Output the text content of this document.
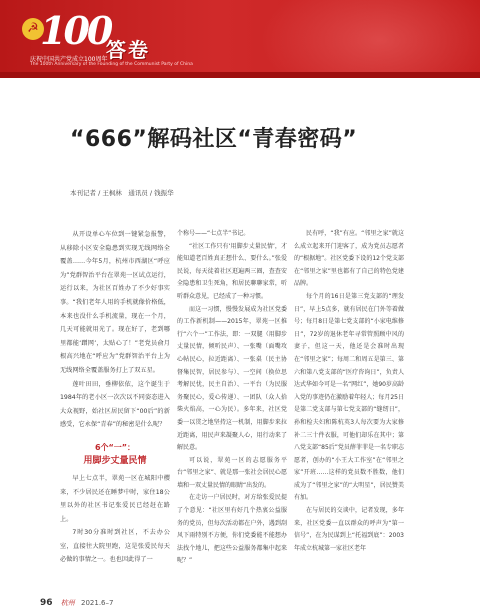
☭ 100
庆祝中国共产党成立100周年
The 100th Anniversary of the Founding of the Communist Party of China
答卷
“666”解码社区“青春密码”
本刊记者 / 王枫林　通讯员 / 钱振华

从开设单心车位到一键紧急报警，从移除小区安全隐患到实现无线网络全覆盖……今年5月，杭州市西湖区“呼应为”党群智治平台在翠苑一区试点运行，运行以来，为社区百姓办了不少好事实事。“我们老年人用的手机就像价格低，本来也没什么手机流量，现在一个月，几天可能就用光了。现在好了，老到哪里都能‘蹭网’，太贴心了！”老党员俞月根高兴地在“呼应为”党群智治平台上为无线网络全覆盖服务打上了双五星。

莲叶田田，垂柳依依，这个诞生于1984年的老小区一次次以不同姿态进入大众视野，始社区居民留下“00后”的新感受，它永保“青春”的秘密是什么呢？

6个“一”：
用脚步丈量民情

早上七点半，翠苑一区在城阳中樱来，不少居民还在睡梦中时，家住18公里以外的社区书记张爱民已经赶在路上。

7时30分准时到社区，不去办公室，直接往大院里跑，这是张爱民每天必做的事情之一。也也因此得了一

个称号——“七点半”书记。

“社区工作只有‘用脚步丈量民情’，才能知道老百姓真正想什么、要什么。”张爱民说，每天徒着社区逛遍两三圈，查查安全隐患和卫生死角，和居民聊聊家常，听听群众意见，已经成了一种习惯。

而这一习惯，慢慢发展成为社区党委的工作新机制——2015年，翠苑一区推行“六个一”工作法，即：一双腿（用脚步丈量民情，倾听民声）、一张嘴（面嘴攻心帖民心，拉近距离）、一张桌（民主协督集民智，居民参与）、一空间（换位思考解民忧，民主自治）、一平台（为民服务聚民心，爱心传递）、一团队（众人拾柴火焰高，一心为民）。多年来，社区党委一以贯之地坚持这一机制，用脚步来拉近距离，用民声来凝聚人心，用行动来了解民意。

可以说，翠苑一区的志愿服务平台“邻里之家”、就是那一张社会居民心愿墙和一双丈量民情的眼睛“出发的。

在走访一户居民时，对方给张爱民提了个意见：“社区里有好几个热衷公益服务的党员，但每次活动都在户外，遇到刮风下雨特别不方便，你们党委能不能想办法找个地儿，把这些公益服务都集中起来呢？”

民有呼，“我”有应。“邻里之家”就这么成立起来开门迎客了，成为党员志愿者的“根据地”。社区党委下设的12个党支部在“邻里之家”里也都有了自己的特色党建品牌。

每个月的16日是第三党支部的“理发日”，早上5点多，就有居民在门外等着做号；每月8日是第七党支部的“小家电维修日”，72岁的退休老年寻常管照顾中风的妻子，但这一天，他还是会准时出现在“邻里之家”；每周二和周五是第三、第六和第八党支部的“医疗咨询日”，负责人达式华如今可是一名“网红”，她90岁高龄入党的事迹仍在激励着年轻人；每月25日是第二党支部与第七党支部的“缝纫日”，孙和检夫妇和陈杭英3人每次要为大家修补二三十件衣服，可他们却乐在其中；第八党支部“85后”党员薛菲菲是一名专职志愿者，创办的“小王大工作室”在“邻里之家”开班……这样的党员数不胜数，他们成为了“邻里之家”的“大明星”，居民赞美有加。

在与居民的交谈中，记者发现，多年来，社区党委一直以群众的呼声为“第一信号”，在为民谋到上“托福到底”：2003年成立杭城第一家社区老年

96 杭州 2021.6–7
